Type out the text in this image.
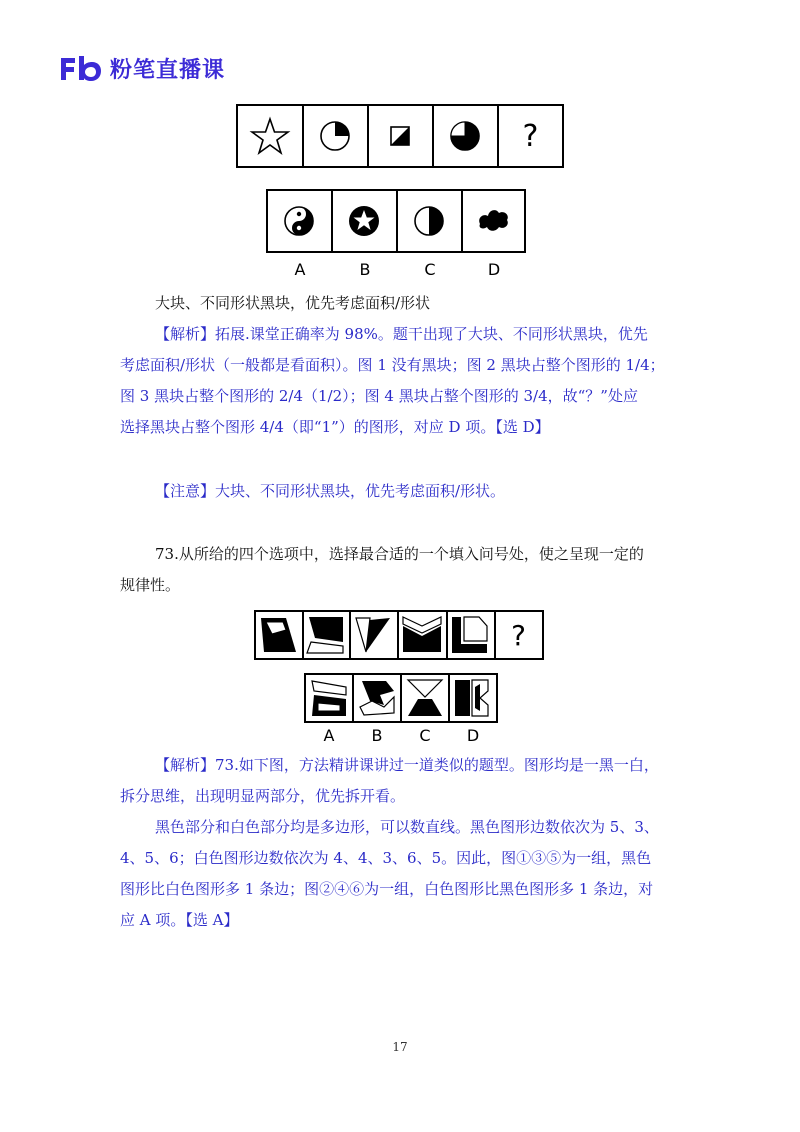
粉笔直播课
?
A	B	C	D
大块、不同形状黑块，优先考虑面积/形状
【解析】拓展.课堂正确率为 98%。题干出现了大块、不同形状黑块，优先
考虑面积/形状（一般都是看面积）。图 1 没有黑块；图 2 黑块占整个图形的 1/4；
图 3 黑块占整个图形的 2/4（1/2）；图 4 黑块占整个图形的 3/4，故“？”处应
选择黑块占整个图形 4/4（即“1”）的图形，对应 D 项。【选 D】
【注意】大块、不同形状黑块，优先考虑面积/形状。
73.从所给的四个选项中，选择最合适的一个填入问号处，使之呈现一定的
规律性。
?
A	B	C	D
【解析】73.如下图，方法精讲课讲过一道类似的题型。图形均是一黑一白，
拆分思维，出现明显两部分，优先拆开看。
黑色部分和白色部分均是多边形，可以数直线。黑色图形边数依次为 5、3、
4、5、6；白色图形边数依次为 4、4、3、6、5。因此，图①③⑤为一组，黑色
图形比白色图形多 1 条边；图②④⑥为一组，白色图形比黑色图形多 1 条边，对
应 A 项。【选 A】
17
